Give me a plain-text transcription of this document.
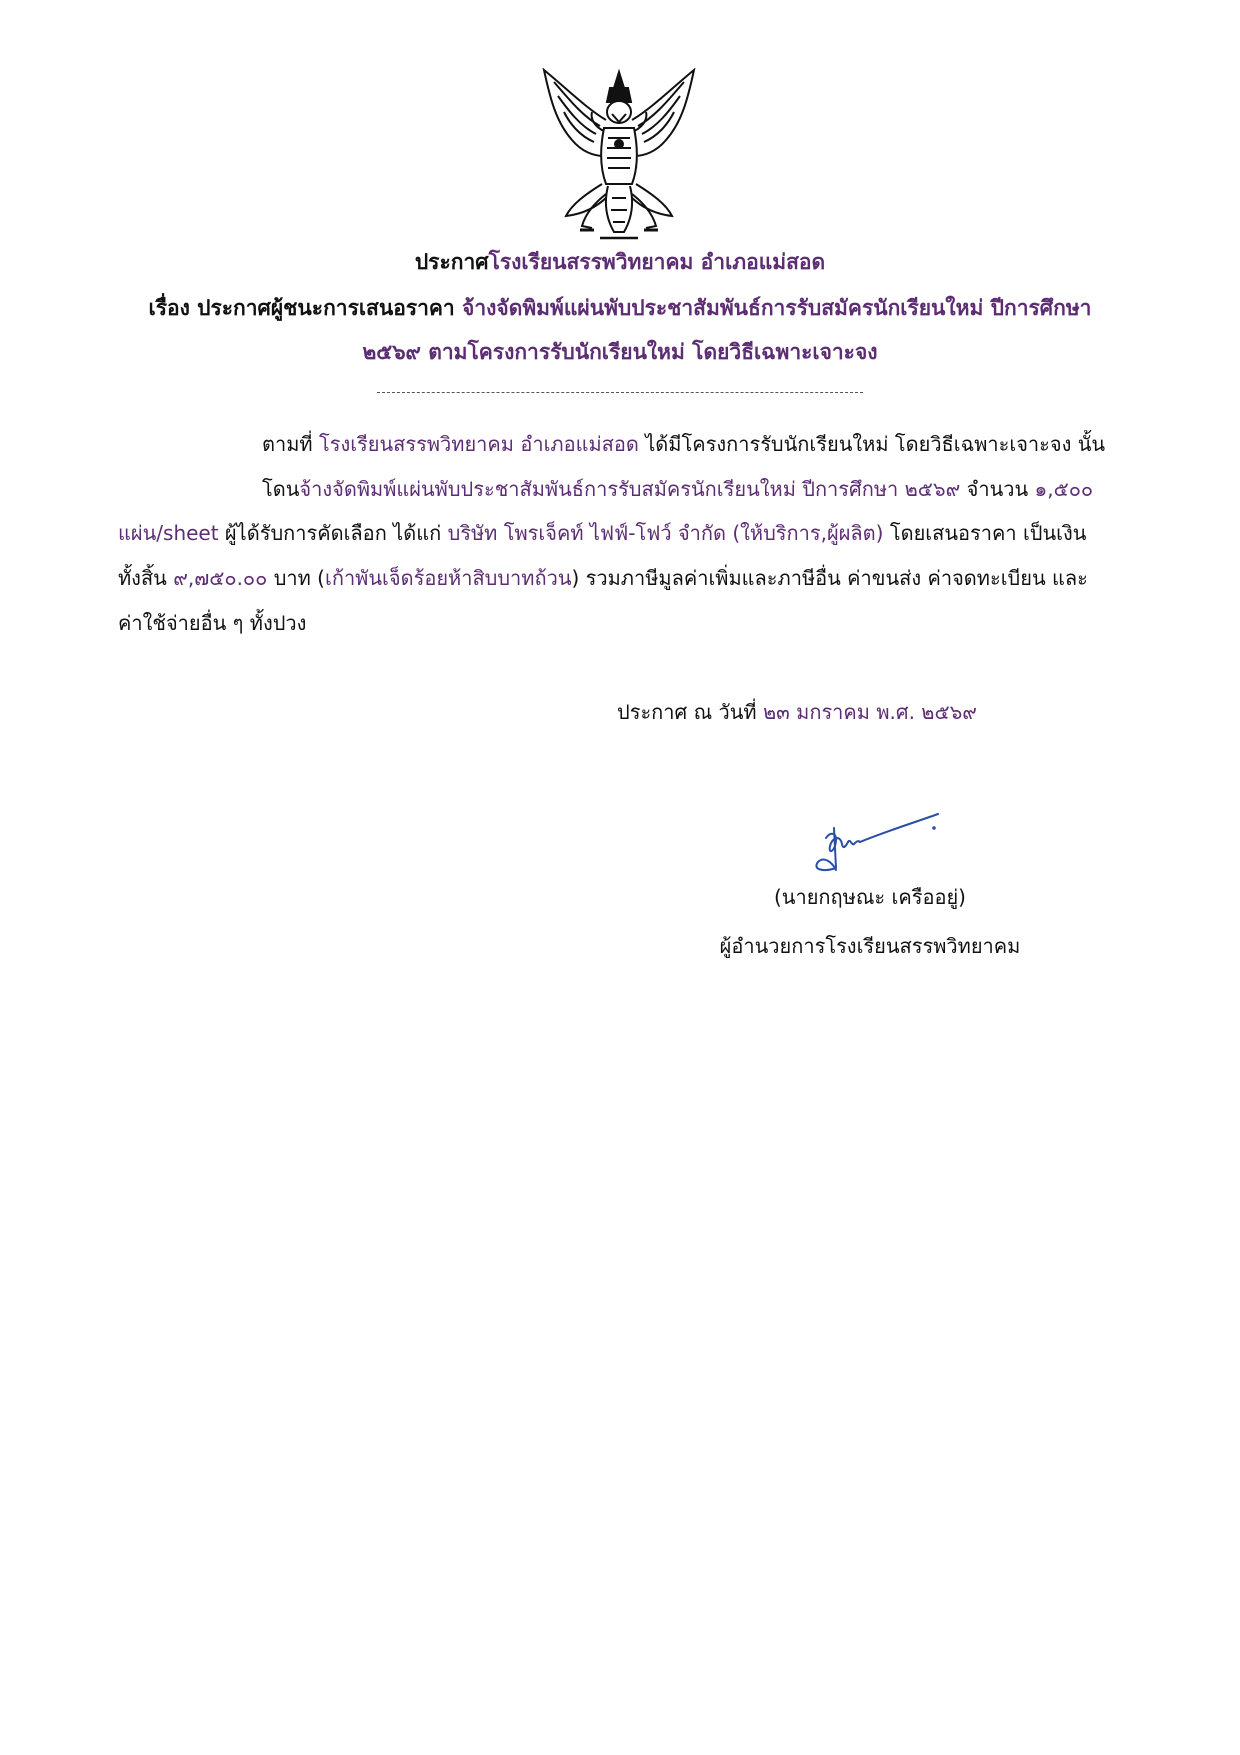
ประกาศโรงเรียนสรรพวิทยาคม อำเภอแม่สอด
เรื่อง ประกาศผู้ชนะการเสนอราคา จ้างจัดพิมพ์แผ่นพับประชาสัมพันธ์การรับสมัครนักเรียนใหม่ ปีการศึกษา
๒๕๖๙ ตามโครงการรับนักเรียนใหม่ โดยวิธีเฉพาะเจาะจง
ตามที่ โรงเรียนสรรพวิทยาคม อำเภอแม่สอด ได้มีโครงการรับนักเรียนใหม่ โดยวิธีเฉพาะเจาะจง นั้น
โดนจ้างจัดพิมพ์แผ่นพับประชาสัมพันธ์การรับสมัครนักเรียนใหม่ ปีการศึกษา ๒๕๖๙ จำนวน ๑,๕๐๐
แผ่น/sheet ผู้ได้รับการคัดเลือก ได้แก่ บริษัท โพรเจ็คท์ ไฟฟ์-โฟว์ จำกัด (ให้บริการ,ผู้ผลิต) โดยเสนอราคา เป็นเงิน
ทั้งสิ้น ๙,๗๕๐.๐๐ บาท (เก้าพันเจ็ดร้อยห้าสิบบาทถ้วน) รวมภาษีมูลค่าเพิ่มและภาษีอื่น ค่าขนส่ง ค่าจดทะเบียน และ
ค่าใช้จ่ายอื่น ๆ ทั้งปวง
ประกาศ ณ วันที่ ๒๓ มกราคม พ.ศ. ๒๕๖๙
(นายกฤษณะ เครืออยู่)
ผู้อำนวยการโรงเรียนสรรพวิทยาคม
